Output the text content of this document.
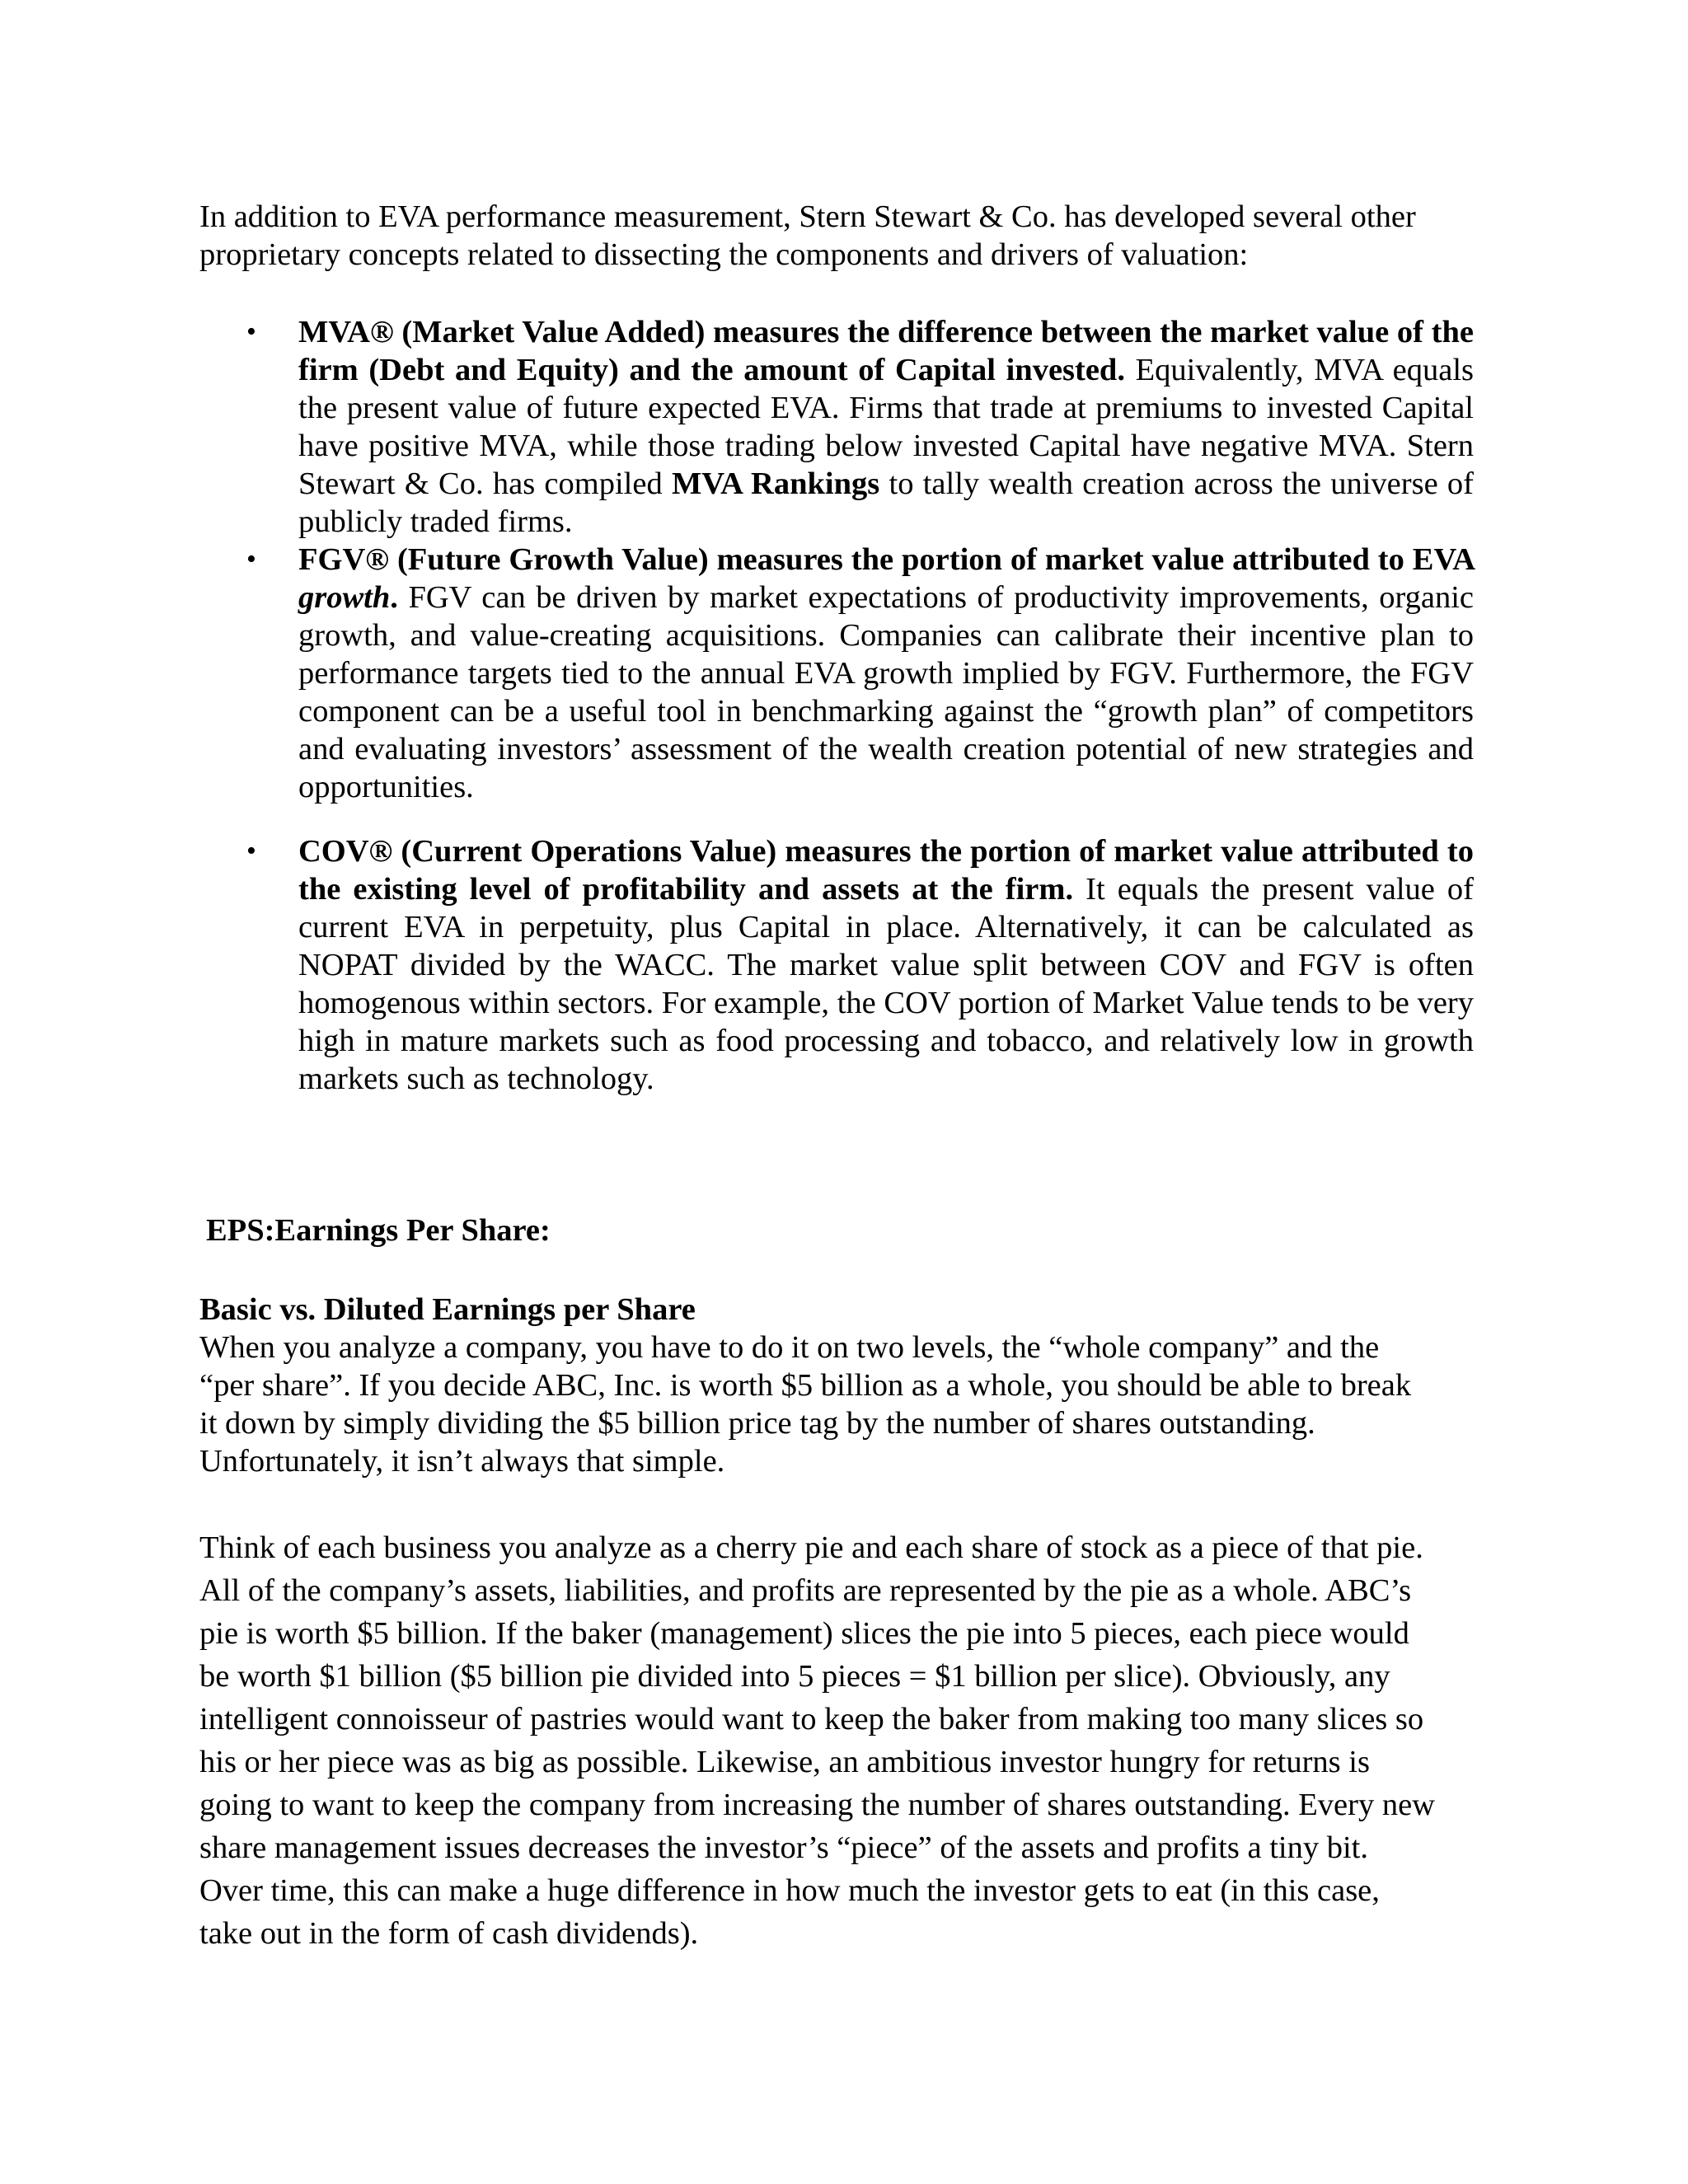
In addition to EVA performance measurement, Stern Stewart & Co. has developed several other proprietary concepts related to dissecting the components and drivers of valuation:
• MVA® (Market Value Added) measures the difference between the market value of the firm (Debt and Equity) and the amount of Capital invested. Equivalently, MVA equals the present value of future expected EVA. Firms that trade at premiums to invested Capital have positive MVA, while those trading below invested Capital have negative MVA. Stern Stewart & Co. has compiled MVA Rankings to tally wealth creation across the universe of publicly traded firms.
• FGV® (Future Growth Value) measures the portion of market value attributed to EVA growth. FGV can be driven by market expectations of productivity improvements, organic growth, and value-creating acquisitions. Companies can calibrate their incentive plan to performance targets tied to the annual EVA growth implied by FGV. Furthermore, the FGV component can be a useful tool in benchmarking against the “growth plan” of competitors and evaluating investors’ assessment of the wealth creation potential of new strategies and opportunities.
• COV® (Current Operations Value) measures the portion of market value attributed to the existing level of profitability and assets at the firm. It equals the present value of current EVA in perpetuity, plus Capital in place. Alternatively, it can be calculated as NOPAT divided by the WACC. The market value split between COV and FGV is often homogenous within sectors. For example, the COV portion of Market Value tends to be very high in mature markets such as food processing and tobacco, and relatively low in growth markets such as technology.
EPS:Earnings Per Share:
Basic vs. Diluted Earnings per Share
When you analyze a company, you have to do it on two levels, the “whole company” and the
“per share”. If you decide ABC, Inc. is worth $5 billion as a whole, you should be able to break
it down by simply dividing the $5 billion price tag by the number of shares outstanding.
Unfortunately, it isn’t always that simple.
Think of each business you analyze as a cherry pie and each share of stock as a piece of that pie.
All of the company’s assets, liabilities, and profits are represented by the pie as a whole. ABC’s
pie is worth $5 billion. If the baker (management) slices the pie into 5 pieces, each piece would
be worth $1 billion ($5 billion pie divided into 5 pieces = $1 billion per slice). Obviously, any
intelligent connoisseur of pastries would want to keep the baker from making too many slices so
his or her piece was as big as possible. Likewise, an ambitious investor hungry for returns is
going to want to keep the company from increasing the number of shares outstanding. Every new
share management issues decreases the investor’s “piece” of the assets and profits a tiny bit.
Over time, this can make a huge difference in how much the investor gets to eat (in this case,
take out in the form of cash dividends).
